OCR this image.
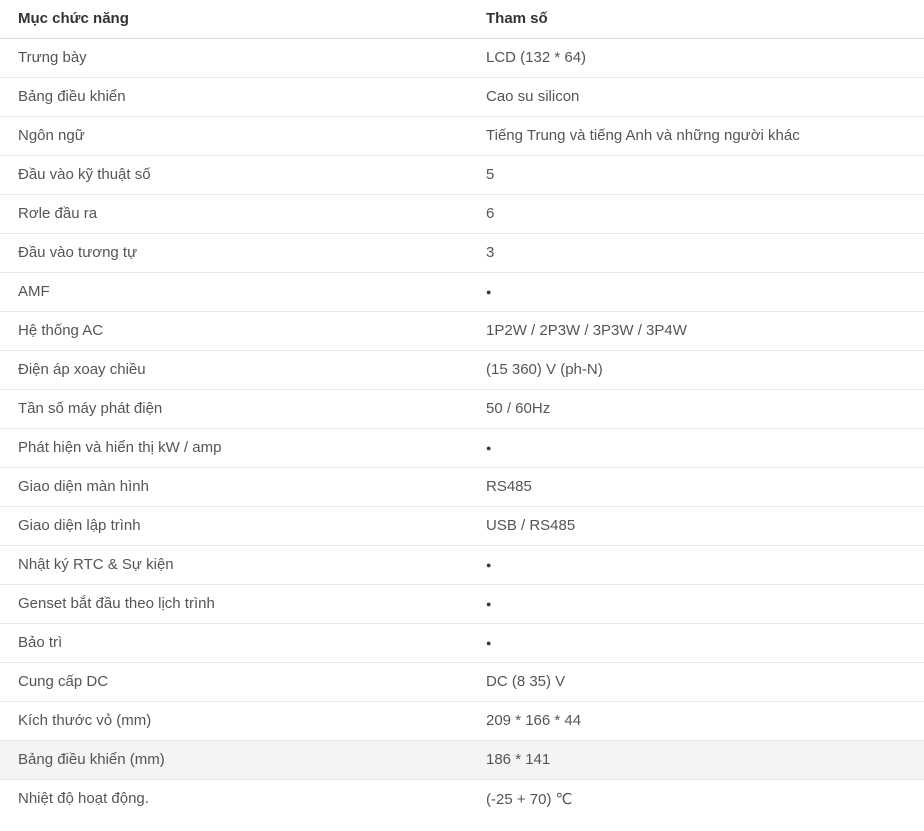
Mục chức năng	Tham số
Trưng bày	LCD (132 * 64)
Bảng điều khiển	Cao su silicon
Ngôn ngữ	Tiếng Trung và tiếng Anh và những người khác
Đầu vào kỹ thuật số	5
Rơle đầu ra	6
Đầu vào tương tự	3
AMF	●
Hệ thống AC	1P2W / 2P3W / 3P3W / 3P4W
Điện áp xoay chiều	(15 360) V (ph-N)
Tần số máy phát điện	50 / 60Hz
Phát hiện và hiển thị kW / amp	●
Giao diện màn hình	RS485
Giao diện lập trình	USB / RS485
Nhật ký RTC & Sự kiện	●
Genset bắt đầu theo lịch trình	●
Bảo trì	●
Cung cấp DC	DC (8 35) V
Kích thước vỏ (mm)	209 * 166 * 44
Bảng điều khiển (mm)	186 * 141
Nhiệt độ hoạt động.	(-25 + 70) ℃
